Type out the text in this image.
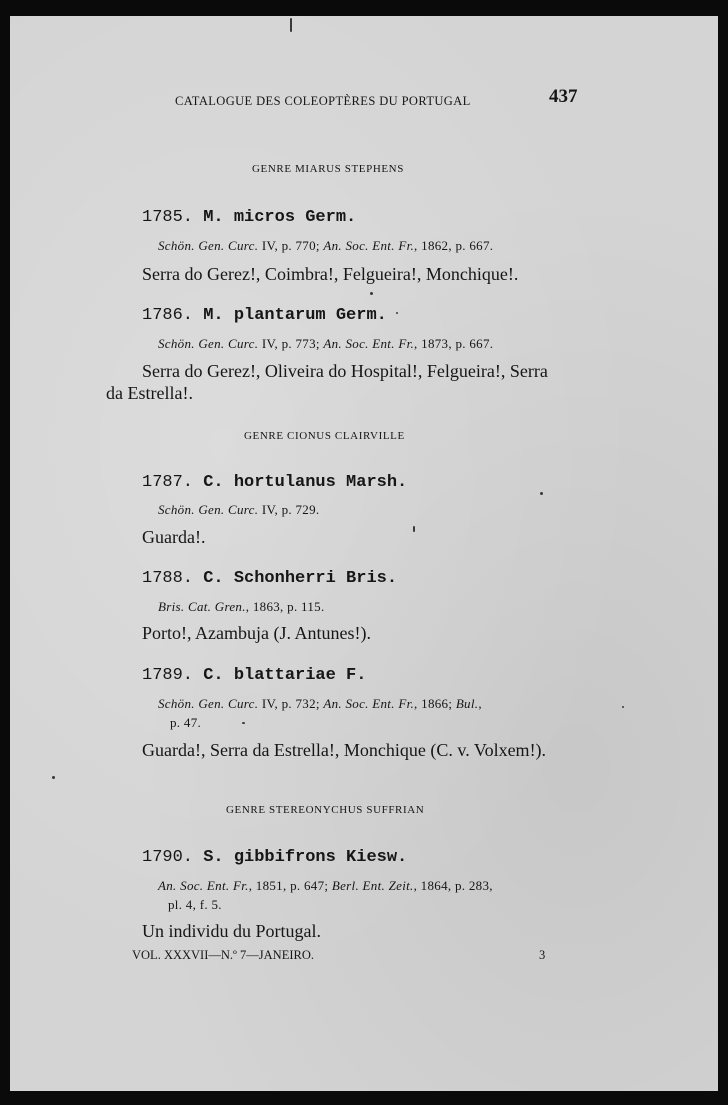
CATALOGUE DES COLEOPTÈRES DU PORTUGAL	437
GENRE MIARUS STEPHENS
1785. M. micros Germ.
Schön. Gen. Curc. IV, p. 770; An. Soc. Ent. Fr., 1862, p. 667.
Serra do Gerez!, Coimbra!, Felgueira!, Monchique!.
1786. M. plantarum Germ.
Schön. Gen. Curc. IV, p. 773; An. Soc. Ent. Fr., 1873, p. 667.
Serra do Gerez!, Oliveira do Hospital!, Felgueira!, Serra
da Estrella!.
GENRE CIONUS CLAIRVILLE
1787. C. hortulanus Marsh.
Schön. Gen. Curc. IV, p. 729.
Guarda!.
1788. C. Schonherri Bris.
Bris. Cat. Gren., 1863, p. 115.
Porto!, Azambuja (J. Antunes!).
1789. C. blattariae F.
Schön. Gen. Curc. IV, p. 732; An. Soc. Ent. Fr., 1866; Bul.,
p. 47.
Guarda!, Serra da Estrella!, Monchique (C. v. Volxem!).
GENRE STEREONYCHUS SUFFRIAN
1790. S. gibbifrons Kiesw.
An. Soc. Ent. Fr., 1851, p. 647; Berl. Ent. Zeit., 1864, p. 283,
pl. 4, f. 5.
Un individu du Portugal.
VOL. XXXVII—N.º 7—JANEIRO.	3
